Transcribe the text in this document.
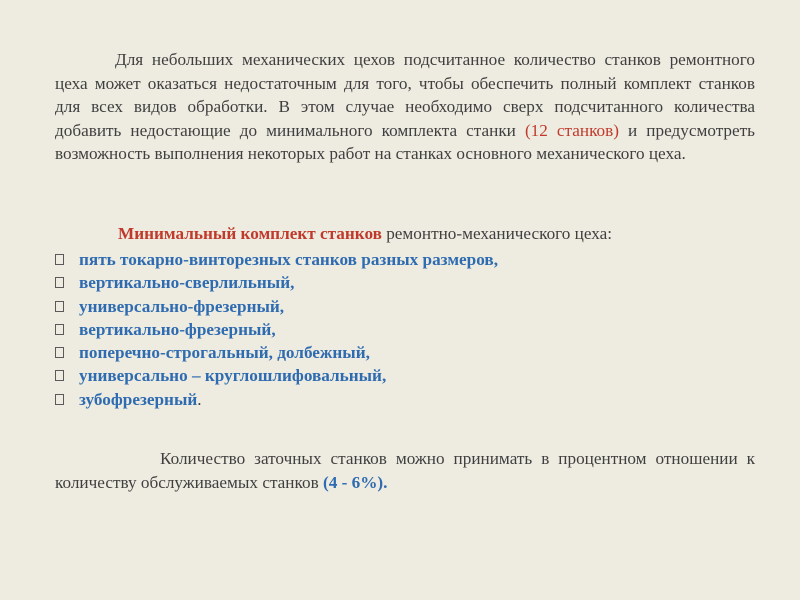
Для небольших механических цехов подсчитанное количество станков ремонтного цеха может оказаться недостаточным для того, чтобы обеспечить полный комплект станков для всех видов обработки. В этом случае необходимо сверх подсчитанного количества добавить недостающие до минимального комплекта станки (12 станков) и предусмотреть возможность выполнения некоторых работ на станках основного механического цеха.

Минимальный комплект станков ремонтно-механического цеха:

пять токарно-винторезных станков разных размеров,
вертикально-сверлильный,
универсально-фрезерный,
вертикально-фрезерный,
поперечно-строгальный, долбежный,
универсально – круглошлифовальный,
зубофрезерный.

Количество заточных станков можно принимать в процентном отношении к количеству обслуживаемых станков (4 - 6%).
